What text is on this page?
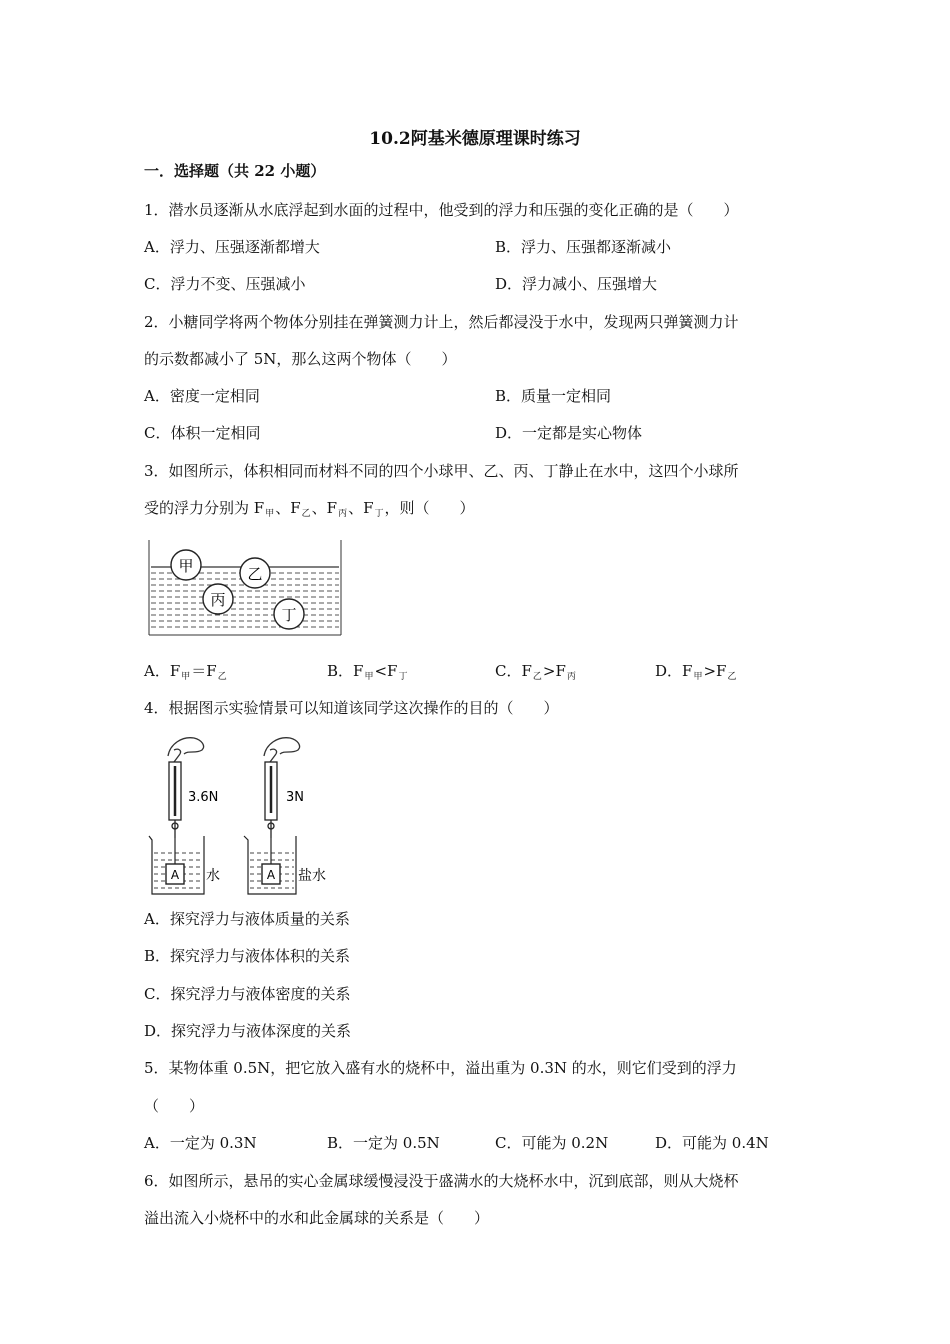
10.2阿基米德原理课时练习
一．选择题（共 22 小题）
1．潜水员逐渐从水底浮起到水面的过程中，他受到的浮力和压强的变化正确的是（　　）
A．浮力、压强逐渐都增大	B．浮力、压强都逐渐减小
C．浮力不变、压强减小	D．浮力减小、压强增大
2．小糖同学将两个物体分别挂在弹簧测力计上，然后都浸没于水中，发现两只弹簧测力计
的示数都减小了 5N，那么这两个物体（　　）
A．密度一定相同	B．质量一定相同
C．体积一定相同	D．一定都是实心物体
3．如图所示，体积相同而材料不同的四个小球甲、乙、丙、丁静止在水中，这四个小球所
受的浮力分别为 $F_甲$、$F_乙$、$F_丙$、$F_丁$，则（　　）
甲	乙
丙
丁
A．$F_甲=F_乙$	B．$F_甲<F_丁$	C．$F_乙>F_丙$	D．$F_甲>F_乙$
4．根据图示实验情景可以知道该同学这次操作的目的（　　）
3.6N
A 水
3N
A 盐水
A．探究浮力与液体质量的关系
B．探究浮力与液体体积的关系
C．探究浮力与液体密度的关系
D．探究浮力与液体深度的关系
5．某物体重 0.5N，把它放入盛有水的烧杯中，溢出重为 0.3N 的水，则它们受到的浮力
（　　）
A．一定为 0.3N	B．一定为 0.5N	C．可能为 0.2N	D．可能为 0.4N
6．如图所示，悬吊的实心金属球缓慢浸没于盛满水的大烧杯水中，沉到底部，则从大烧杯
溢出流入小烧杯中的水和此金属球的关系是（　　）
